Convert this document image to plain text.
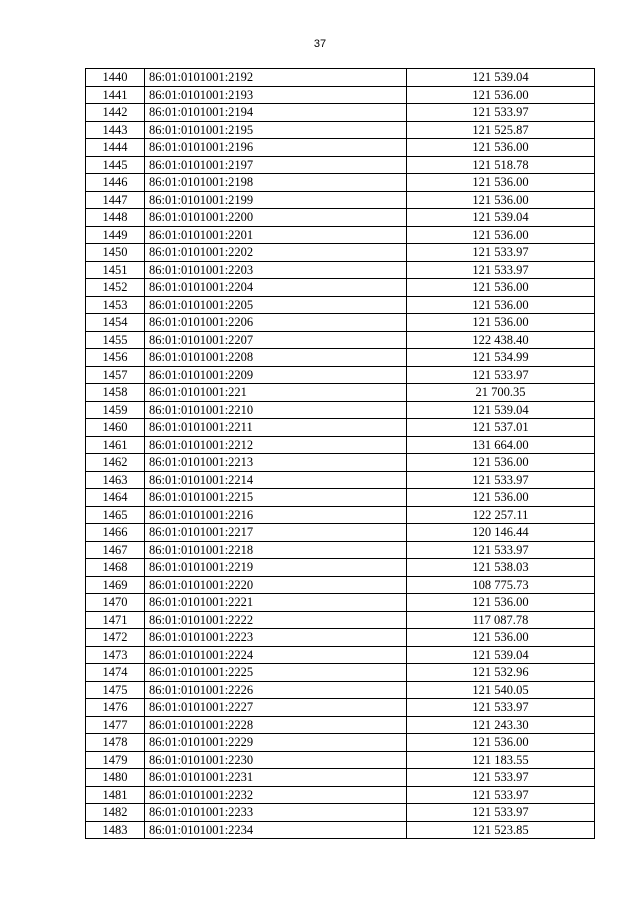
37
1440	86:01:0101001:2192	121 539.04
1441	86:01:0101001:2193	121 536.00
1442	86:01:0101001:2194	121 533.97
1443	86:01:0101001:2195	121 525.87
1444	86:01:0101001:2196	121 536.00
1445	86:01:0101001:2197	121 518.78
1446	86:01:0101001:2198	121 536.00
1447	86:01:0101001:2199	121 536.00
1448	86:01:0101001:2200	121 539.04
1449	86:01:0101001:2201	121 536.00
1450	86:01:0101001:2202	121 533.97
1451	86:01:0101001:2203	121 533.97
1452	86:01:0101001:2204	121 536.00
1453	86:01:0101001:2205	121 536.00
1454	86:01:0101001:2206	121 536.00
1455	86:01:0101001:2207	122 438.40
1456	86:01:0101001:2208	121 534.99
1457	86:01:0101001:2209	121 533.97
1458	86:01:0101001:221	21 700.35
1459	86:01:0101001:2210	121 539.04
1460	86:01:0101001:2211	121 537.01
1461	86:01:0101001:2212	131 664.00
1462	86:01:0101001:2213	121 536.00
1463	86:01:0101001:2214	121 533.97
1464	86:01:0101001:2215	121 536.00
1465	86:01:0101001:2216	122 257.11
1466	86:01:0101001:2217	120 146.44
1467	86:01:0101001:2218	121 533.97
1468	86:01:0101001:2219	121 538.03
1469	86:01:0101001:2220	108 775.73
1470	86:01:0101001:2221	121 536.00
1471	86:01:0101001:2222	117 087.78
1472	86:01:0101001:2223	121 536.00
1473	86:01:0101001:2224	121 539.04
1474	86:01:0101001:2225	121 532.96
1475	86:01:0101001:2226	121 540.05
1476	86:01:0101001:2227	121 533.97
1477	86:01:0101001:2228	121 243.30
1478	86:01:0101001:2229	121 536.00
1479	86:01:0101001:2230	121 183.55
1480	86:01:0101001:2231	121 533.97
1481	86:01:0101001:2232	121 533.97
1482	86:01:0101001:2233	121 533.97
1483	86:01:0101001:2234	121 523.85
